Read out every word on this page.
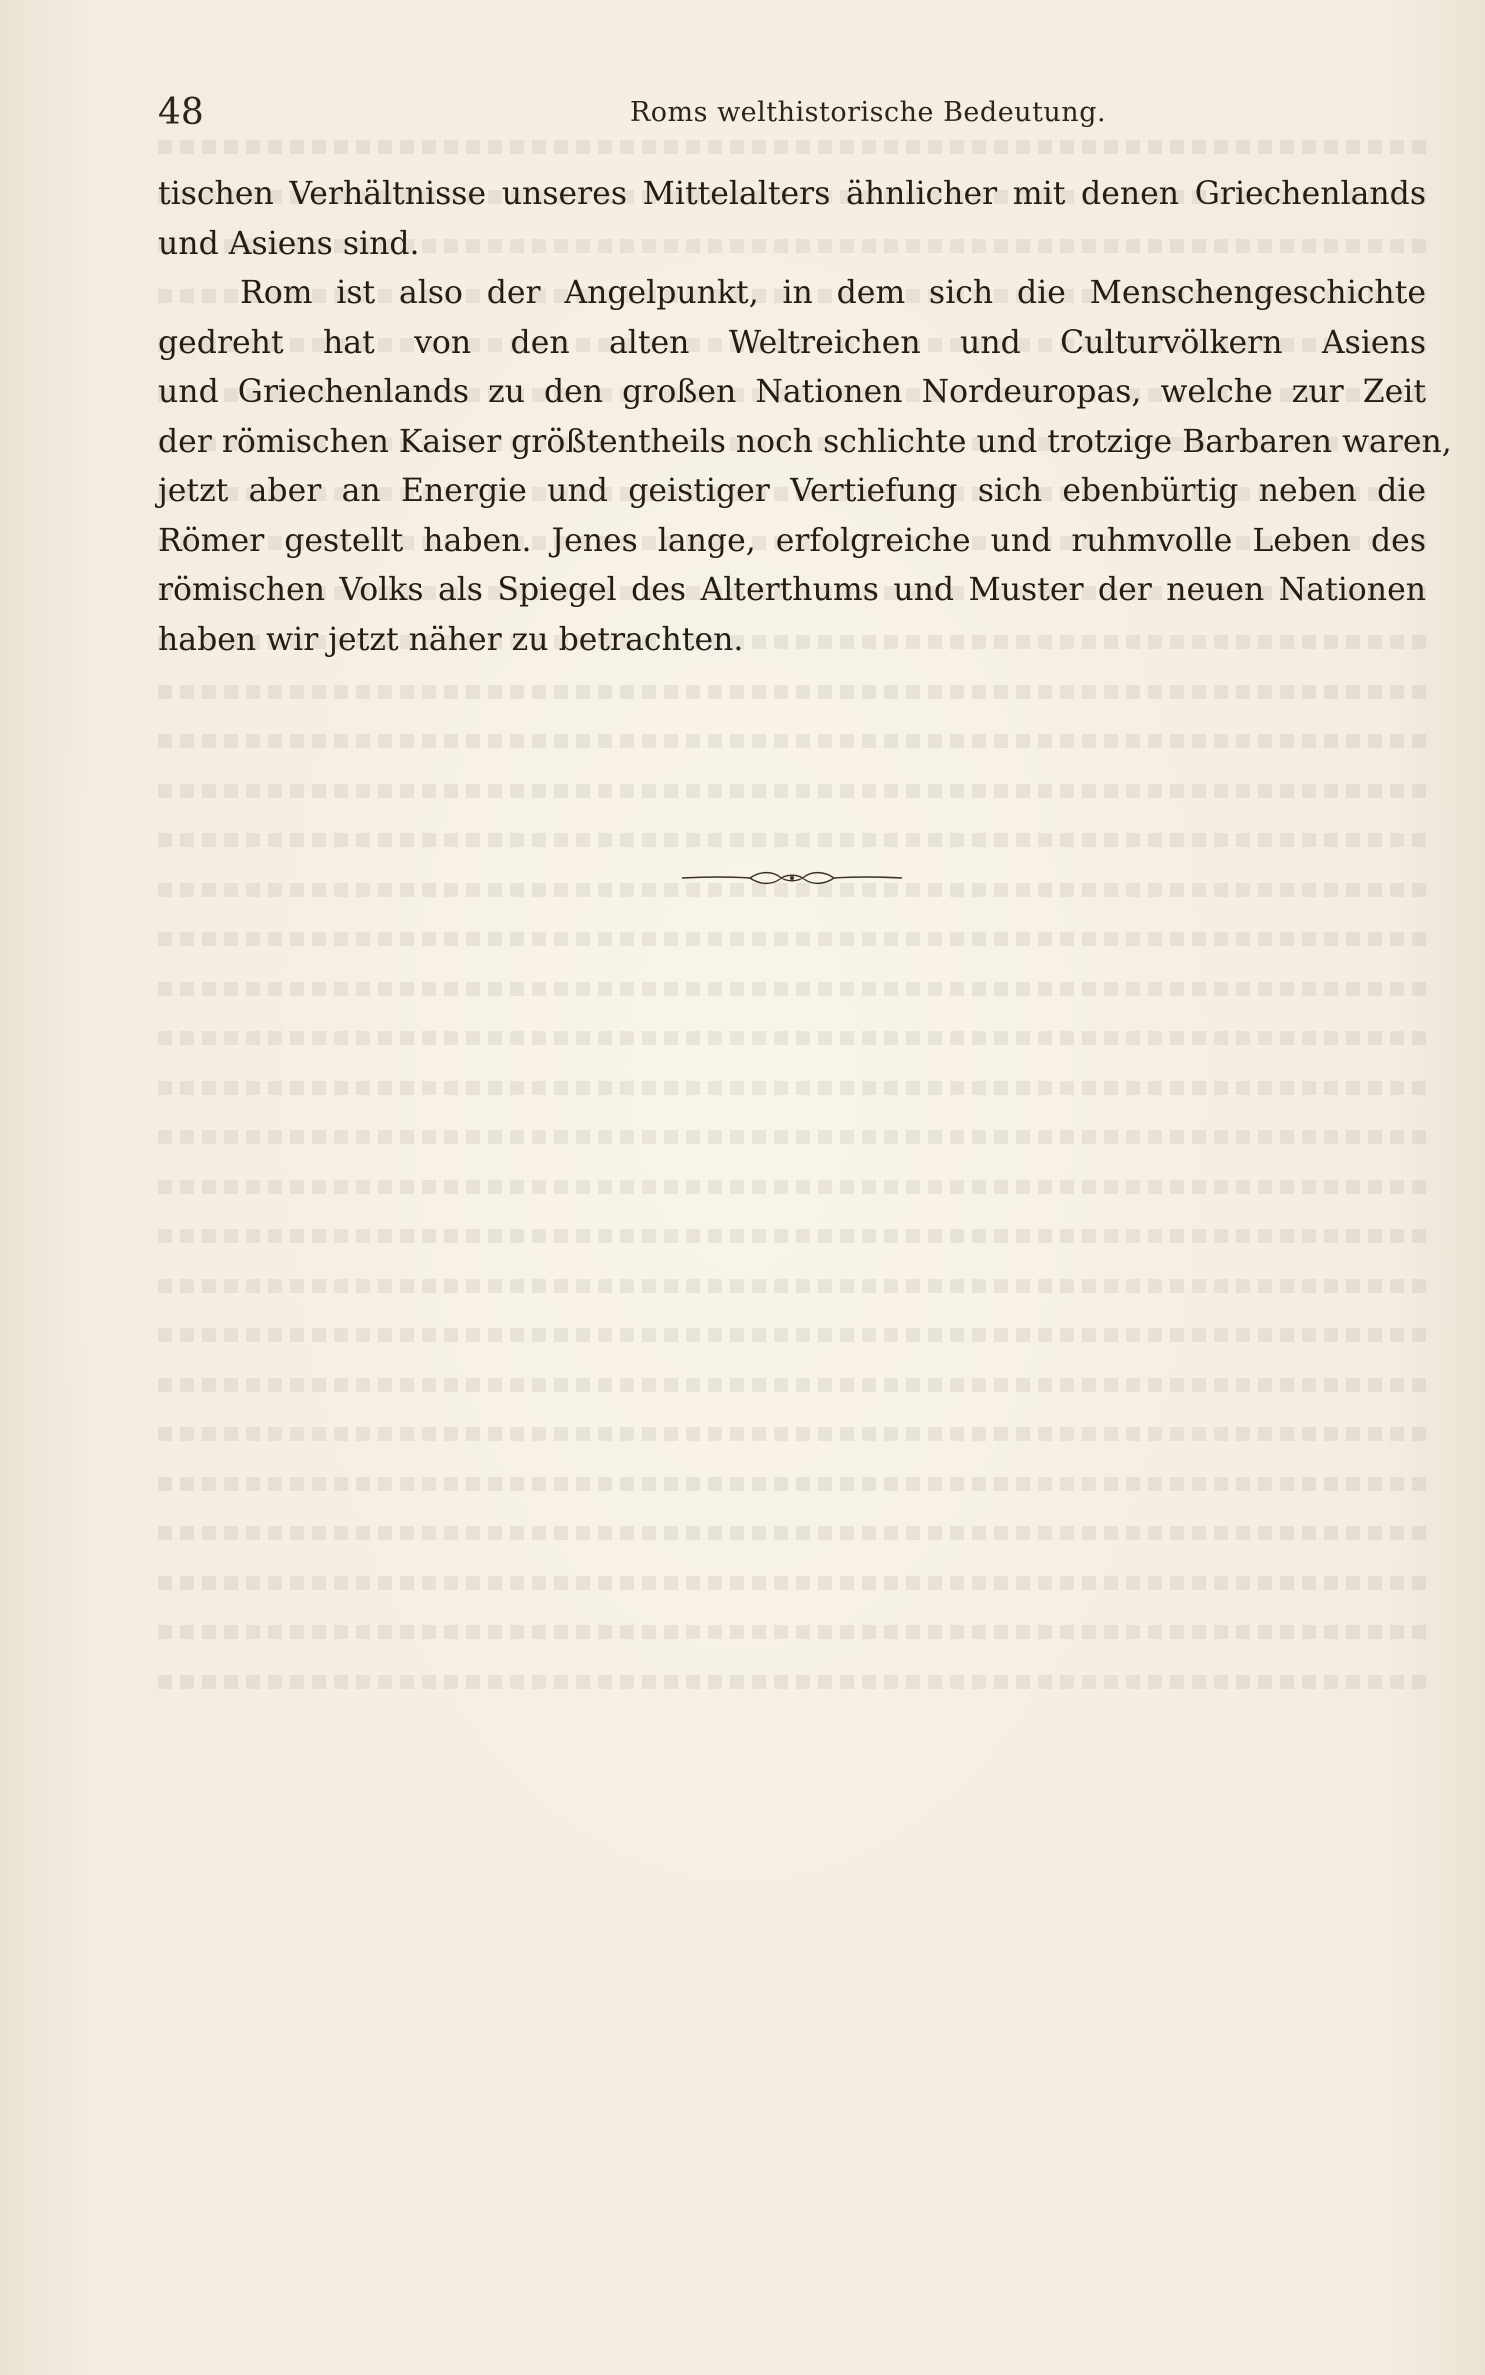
48	Roms welthistorische Bedeutung.
tischen Verhältnisse unseres Mittelalters ähnlicher mit denen Griechenlands
und Asiens sind.
Rom ist also der Angelpunkt, in dem sich die Menschengeschichte
gedreht hat von den alten Weltreichen und Culturvölkern Asiens
und Griechenlands zu den großen Nationen Nordeuropas, welche zur Zeit
der römischen Kaiser größtentheils noch schlichte und trotzige Barbaren waren,
jetzt aber an Energie und geistiger Vertiefung sich ebenbürtig neben die
Römer gestellt haben. Jenes lange, erfolgreiche und ruhmvolle Leben des
römischen Volks als Spiegel des Alterthums und Muster der neuen Nationen
haben wir jetzt näher zu betrachten.
